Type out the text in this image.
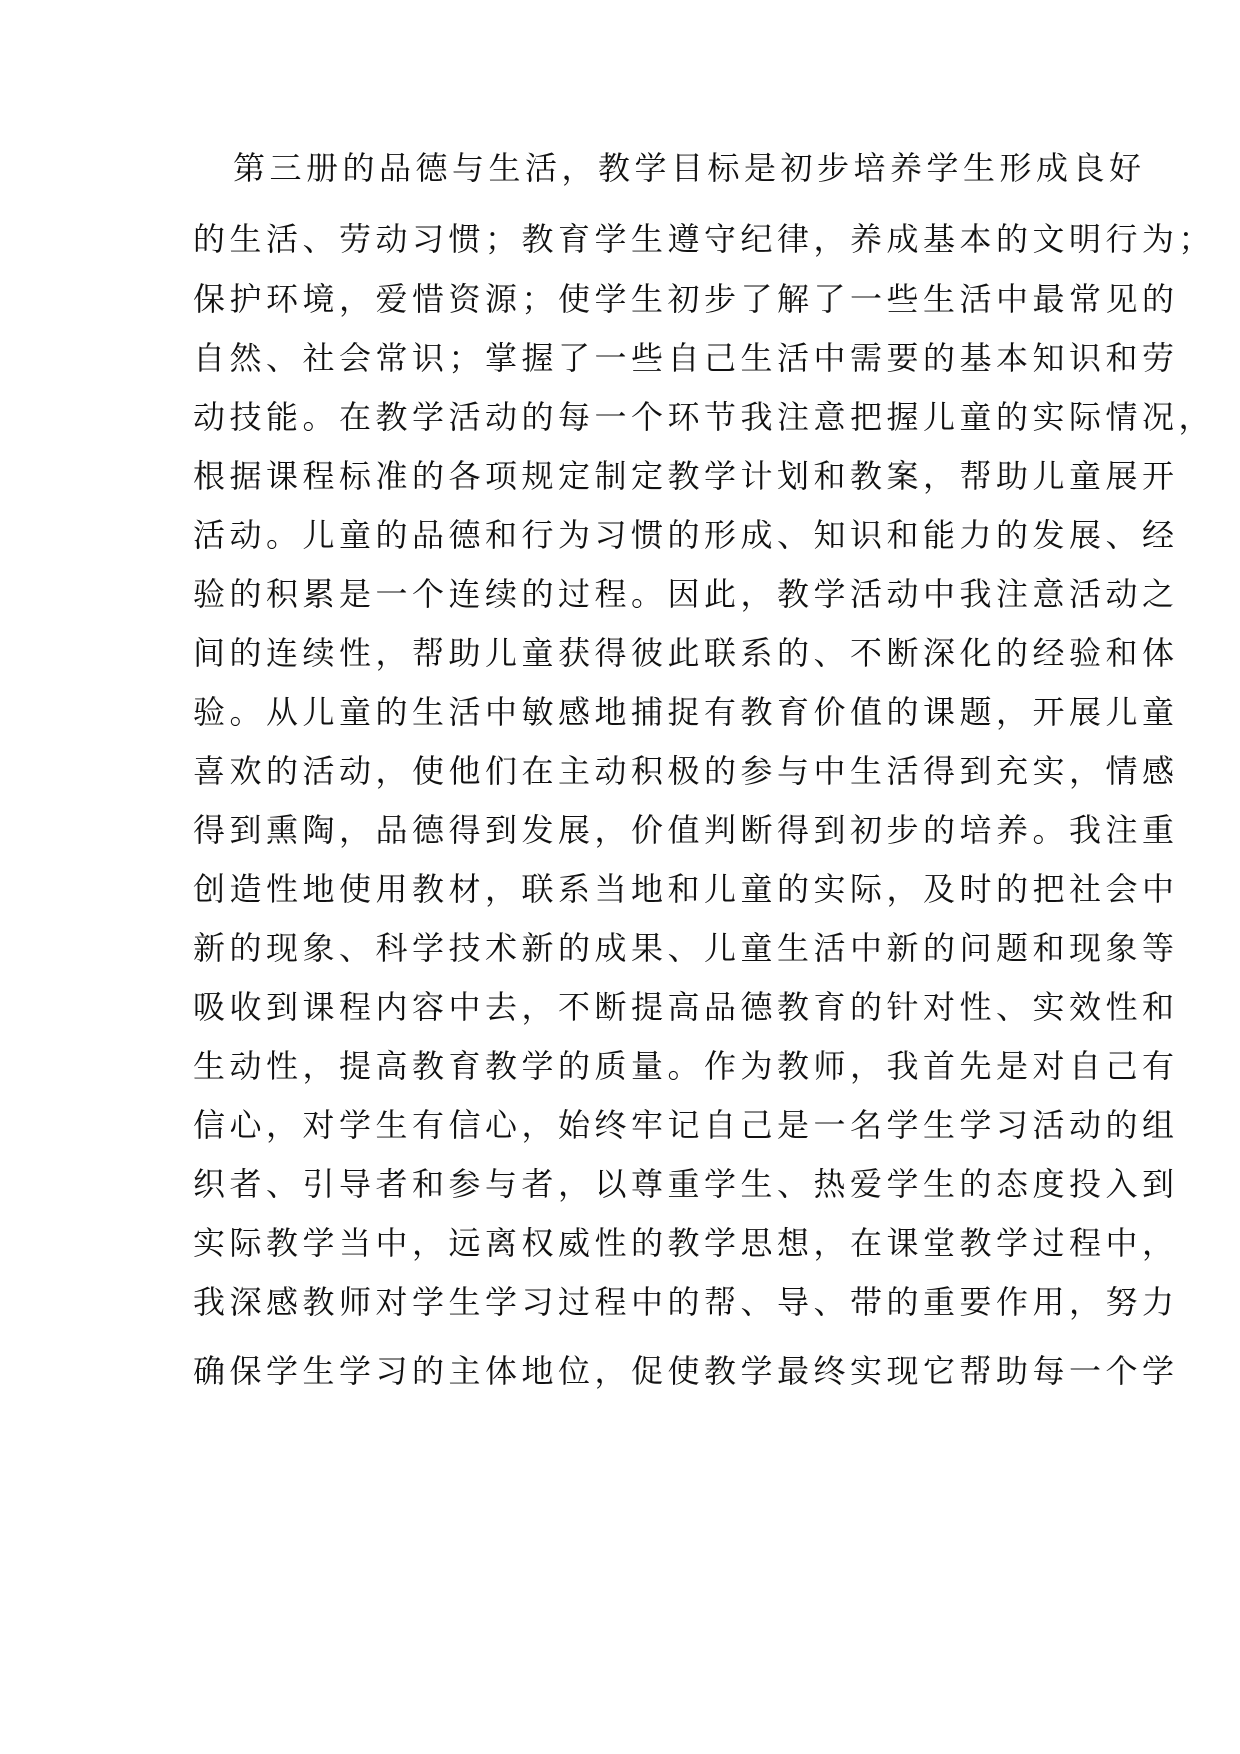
第三册的品德与生活，教学目标是初步培养学生形成良好
的生活、劳动习惯；教育学生遵守纪律，养成基本的文明行为；
保护环境，爱惜资源；使学生初步了解了一些生活中最常见的
自然、社会常识；掌握了一些自己生活中需要的基本知识和劳
动技能。在教学活动的每一个环节我注意把握儿童的实际情况，
根据课程标准的各项规定制定教学计划和教案，帮助儿童展开
活动。儿童的品德和行为习惯的形成、知识和能力的发展、经
验的积累是一个连续的过程。因此，教学活动中我注意活动之
间的连续性，帮助儿童获得彼此联系的、不断深化的经验和体
验。从儿童的生活中敏感地捕捉有教育价值的课题，开展儿童
喜欢的活动，使他们在主动积极的参与中生活得到充实，情感
得到熏陶，品德得到发展，价值判断得到初步的培养。我注重
创造性地使用教材，联系当地和儿童的实际，及时的把社会中
新的现象、科学技术新的成果、儿童生活中新的问题和现象等
吸收到课程内容中去，不断提高品德教育的针对性、实效性和
生动性，提高教育教学的质量。作为教师，我首先是对自己有
信心，对学生有信心，始终牢记自己是一名学生学习活动的组
织者、引导者和参与者，以尊重学生、热爱学生的态度投入到
实际教学当中，远离权威性的教学思想，在课堂教学过程中，
我深感教师对学生学习过程中的帮、导、带的重要作用，努力
确保学生学习的主体地位，促使教学最终实现它帮助每一个学
